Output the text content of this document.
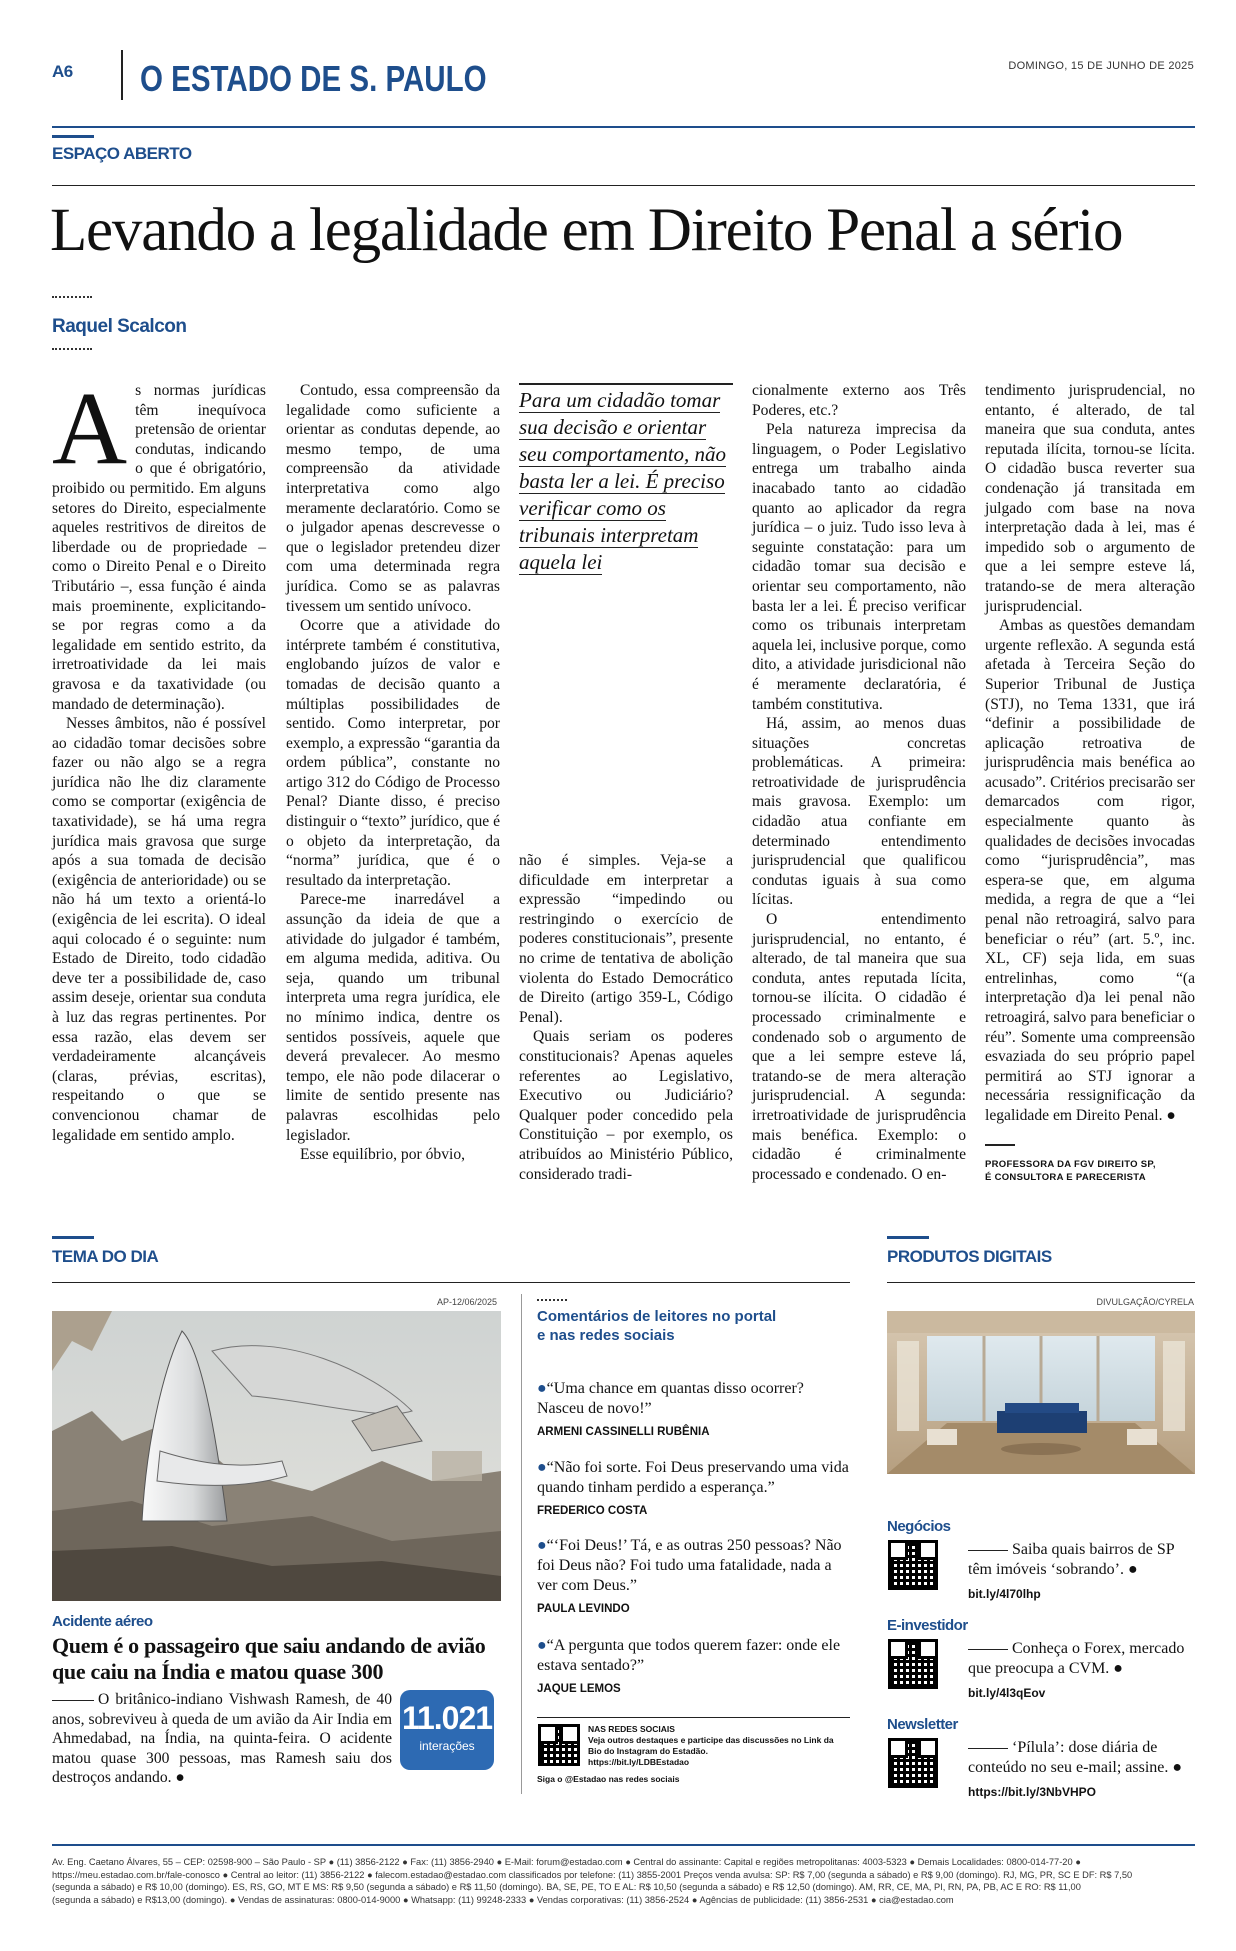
A6 O ESTADO DE S. PAULO	DOMINGO, 15 DE JUNHO DE 2025
ESPAÇO ABERTO
Levando a legalidade em Direito Penal a sério
Raquel Scalcon

As normas jurídicas têm inequívoca pretensão de orientar condutas, indicando o que é obrigatório, proibido ou permitido. Em alguns setores do Direito, especialmente aqueles restritivos de direitos de liberdade ou de propriedade – como o Direito Penal e o Direito Tributário –, essa função é ainda mais proeminente, explicitando-se por regras como a da legalidade em sentido estrito, da irretroatividade da lei mais gravosa e da taxatividade (ou mandado de determinação).

Nesses âmbitos, não é possível ao cidadão tomar decisões sobre fazer ou não algo se a regra jurídica não lhe diz claramente como se comportar (exigência de taxatividade), se há uma regra jurídica mais gravosa que surge após a sua tomada de decisão (exigência de anterioridade) ou se não há um texto a orientá-lo (exigência de lei escrita). O ideal aqui colocado é o seguinte: num Estado de Direito, todo cidadão deve ter a possibilidade de, caso assim deseje, orientar sua conduta à luz das regras pertinentes. Por essa razão, elas devem ser verdadeiramente alcançáveis (claras, prévias, escritas), respeitando o que se convencionou chamar de legalidade em sentido amplo.

Contudo, essa compreensão da legalidade como suficiente a orientar as condutas depende, ao mesmo tempo, de uma compreensão da atividade interpretativa como algo meramente declaratório. Como se o julgador apenas descrevesse o que o legislador pretendeu dizer com uma determinada regra jurídica. Como se as palavras tivessem um sentido unívoco.

Ocorre que a atividade do intérprete também é constitutiva, englobando juízos de valor e tomadas de decisão quanto a múltiplas possibilidades de sentido. Como interpretar, por exemplo, a expressão “garantia da ordem pública”, constante no artigo 312 do Código de Processo Penal? Diante disso, é preciso distinguir o “texto” jurídico, que é o objeto da interpretação, da “norma” jurídica, que é o resultado da interpretação.

Parece-me inarredável a assunção da ideia de que a atividade do julgador é também, em alguma medida, aditiva. Ou seja, quando um tribunal interpreta uma regra jurídica, ele no mínimo indica, dentre os sentidos possíveis, aquele que deverá prevalecer. Ao mesmo tempo, ele não pode dilacerar o limite de sentido presente nas palavras escolhidas pelo legislador.

Esse equilíbrio, por óbvio,

Para um cidadão tomar sua decisão e orientar seu comportamento, não basta ler a lei. É preciso verificar como os tribunais interpretam aquela lei

não é simples. Veja-se a dificuldade em interpretar a expressão “impedindo ou restringindo o exercício de poderes constitucionais”, presente no crime de tentativa de abolição violenta do Estado Democrático de Direito (artigo 359-L, Código Penal).

Quais seriam os poderes constitucionais? Apenas aqueles referentes ao Legislativo, Executivo ou Judiciário? Qualquer poder concedido pela Constituição – por exemplo, os atribuídos ao Ministério Público, considerado tradi-

cionalmente externo aos Três Poderes, etc.?

Pela natureza imprecisa da linguagem, o Poder Legislativo entrega um trabalho ainda inacabado tanto ao cidadão quanto ao aplicador da regra jurídica – o juiz. Tudo isso leva à seguinte constatação: para um cidadão tomar sua decisão e orientar seu comportamento, não basta ler a lei. É preciso verificar como os tribunais interpretam aquela lei, inclusive porque, como dito, a atividade jurisdicional não é meramente declaratória, é também constitutiva.

Há, assim, ao menos duas situações concretas problemáticas. A primeira: retroatividade de jurisprudência mais gravosa. Exemplo: um cidadão atua confiante em determinado entendimento jurisprudencial que qualificou condutas iguais à sua como lícitas.

O entendimento jurisprudencial, no entanto, é alterado, de tal maneira que sua conduta, antes reputada lícita, tornou-se ilícita. O cidadão é processado criminalmente e condenado sob o argumento de que a lei sempre esteve lá, tratando-se de mera alteração jurisprudencial. A segunda: irretroatividade de jurisprudência mais benéfica. Exemplo: o cidadão é criminalmente processado e condenado. O en-

tendimento jurisprudencial, no entanto, é alterado, de tal maneira que sua conduta, antes reputada ilícita, tornou-se lícita. O cidadão busca reverter sua condenação já transitada em julgado com base na nova interpretação dada à lei, mas é impedido sob o argumento de que a lei sempre esteve lá, tratando-se de mera alteração jurisprudencial.

Ambas as questões demandam urgente reflexão. A segunda está afetada à Terceira Seção do Superior Tribunal de Justiça (STJ), no Tema 1331, que irá “definir a possibilidade de aplicação retroativa de jurisprudência mais benéfica ao acusado”. Critérios precisarão ser demarcados com rigor, especialmente quanto às qualidades de decisões invocadas como “jurisprudência”, mas espera-se que, em alguma medida, a regra de que a “lei penal não retroagirá, salvo para beneficiar o réu” (art. 5.º, inc. XL, CF) seja lida, em suas entrelinhas, como “(a interpretação d)a lei penal não retroagirá, salvo para beneficiar o réu”. Somente uma compreensão esvaziada do seu próprio papel permitirá ao STJ ignorar a necessária ressignificação da legalidade em Direito Penal. ●

PROFESSORA DA FGV DIREITO SP, É CONSULTORA E PARECERISTA
TEMA DO DIA	PRODUTOS DIGITAIS
AP-12/06/2025
Acidente aéreo
Quem é o passageiro que saiu andando de avião que caiu na Índia e matou quase 300
O britânico-indiano Vishwash Ramesh, de 40 anos, sobreviveu à queda de um avião da Air India em Ahmedabad, na Índia, na quinta-feira. O acidente matou quase 300 pessoas, mas Ramesh saiu dos destroços andando. ●
11.021
interações
Comentários de leitores no portal e nas redes sociais

●“Uma chance em quantas disso ocorrer? Nasceu de novo!”

ARMENI CASSINELLI RUBÊNIA

●“Não foi sorte. Foi Deus preservando uma vida quando tinham perdido a esperança.”

FREDERICO COSTA

●“‘Foi Deus!’ Tá, e as outras 250 pessoas? Não foi Deus não? Foi tudo uma fatalidade, nada a ver com Deus.”

PAULA LEVINDO

●“A pergunta que todos querem fazer: onde ele estava sentado?”

JAQUE LEMOS
NAS REDES SOCIAIS
Veja outros destaques e participe das discussões no Link da Bio do Instagram do Estadão.
https://bit.ly/LDBEstadao
Siga o @Estadao nas redes sociais
DIVULGAÇÃO/CYRELA
Negócios
Saiba quais bairros de SP têm imóveis ‘sobrando’. ●
bit.ly/4l70lhp
E-investidor
Conheça o Forex, mercado que preocupa a CVM. ●
bit.ly/4l3qEov
Newsletter
‘Pílula’: dose diária de conteúdo no seu e-mail; assine. ●
https://bit.ly/3NbVHPO
Av. Eng. Caetano Álvares, 55 – CEP: 02598-900 – São Paulo - SP ● (11) 3856-2122 ● Fax: (11) 3856-2940 ● E-Mail: forum@estadao.com ● Central do assinante: Capital e regiões metropolitanas: 4003-5323 ● Demais Localidades: 0800-014-77-20 ●
https://meu.estadao.com.br/fale-conosco ● Central ao leitor: (11) 3856-2122 ● falecom.estadao@estadao.com classificados por telefone: (11) 3855-2001 Preços venda avulsa: SP: R$ 7,00 (segunda a sábado) e R$ 9,00 (domingo). RJ, MG, PR, SC E DF: R$ 7,50
(segunda a sábado) e R$ 10,00 (domingo). ES, RS, GO, MT E MS: R$ 9,50 (segunda a sábado) e R$ 11,50 (domingo). BA, SE, PE, TO E AL: R$ 10,50 (segunda a sábado) e R$ 12,50 (domingo). AM, RR, CE, MA, PI, RN, PA, PB, AC E RO: R$ 11,00
(segunda a sábado) e R$13,00 (domingo). ● Vendas de assinaturas: 0800-014-9000 ● Whatsapp: (11) 99248-2333 ● Vendas corporativas: (11) 3856-2524 ● Agências de publicidade: (11) 3856-2531 ● cia@estadao.com
